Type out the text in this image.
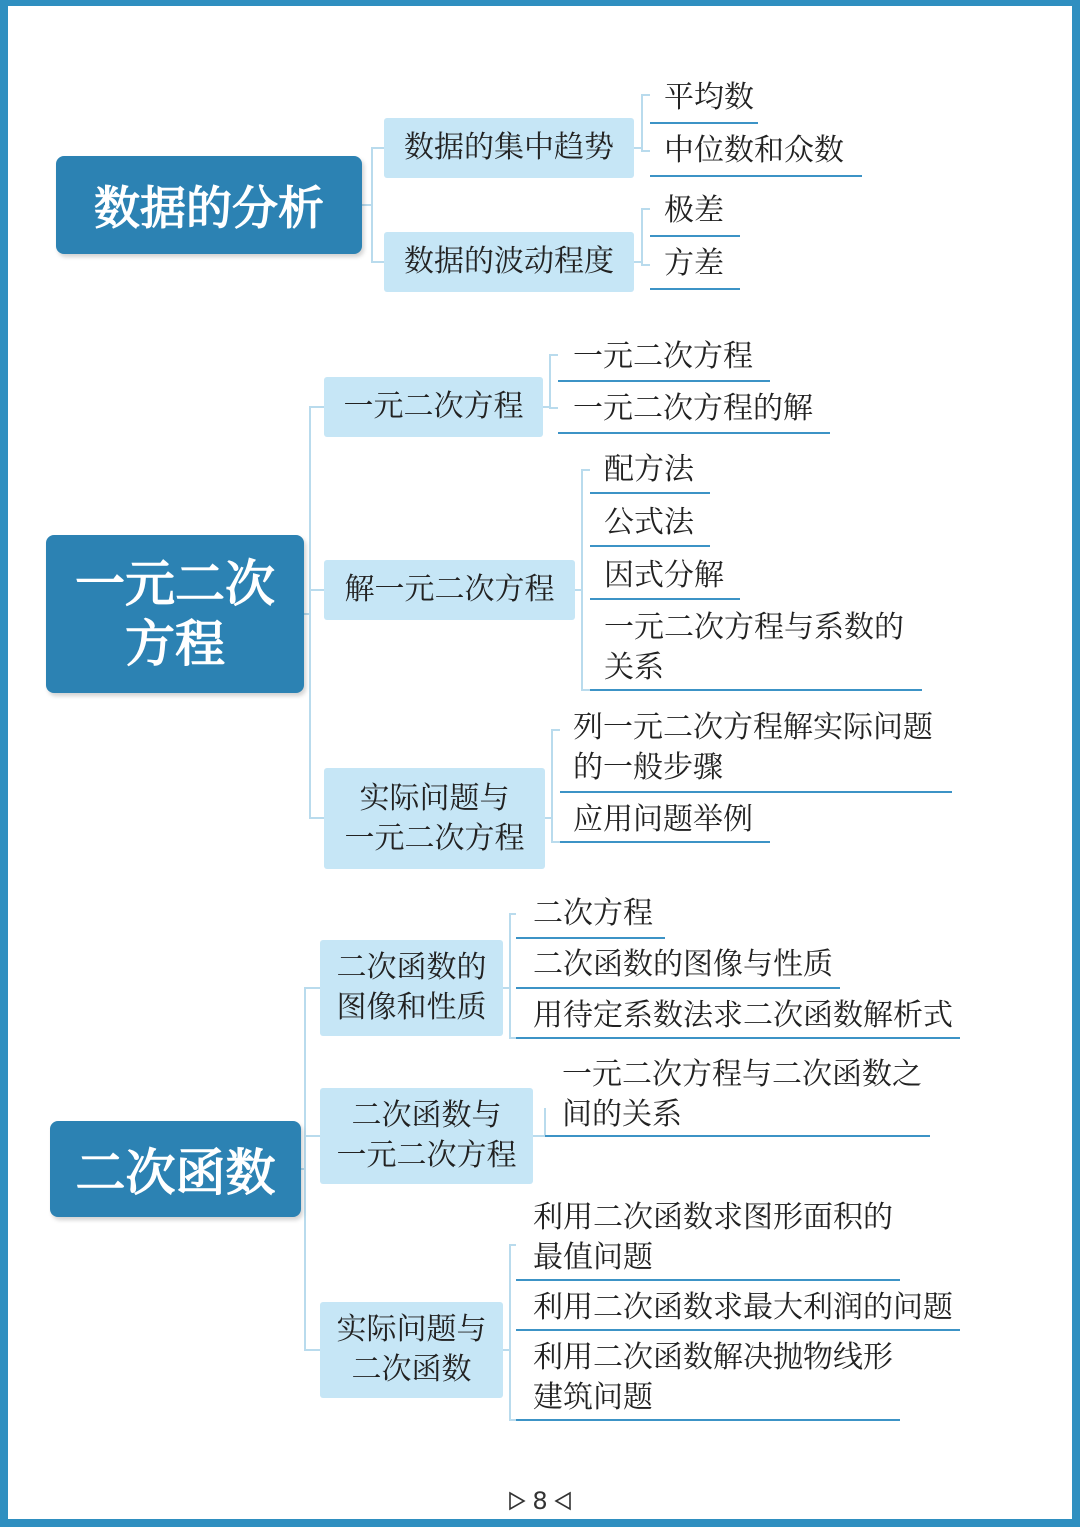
数据的分析
数据的集中趋势
数据的波动程度
平均数
中位数和众数
极差
方差
一元二次
方程
一元二次方程
解一元二次方程
实际问题与
一元二次方程
一元二次方程
一元二次方程的解
配方法
公式法
因式分解
一元二次方程与系数的
关系
列一元二次方程解实际问题
的一般步骤
应用问题举例
二次函数
二次函数的
图像和性质
二次函数与
一元二次方程
实际问题与
二次函数
二次方程
二次函数的图像与性质
用待定系数法求二次函数解析式
一元二次方程与二次函数之
间的关系
利用二次函数求图形面积的
最值问题
利用二次函数求最大利润的问题
利用二次函数解决抛物线形
建筑问题
8
